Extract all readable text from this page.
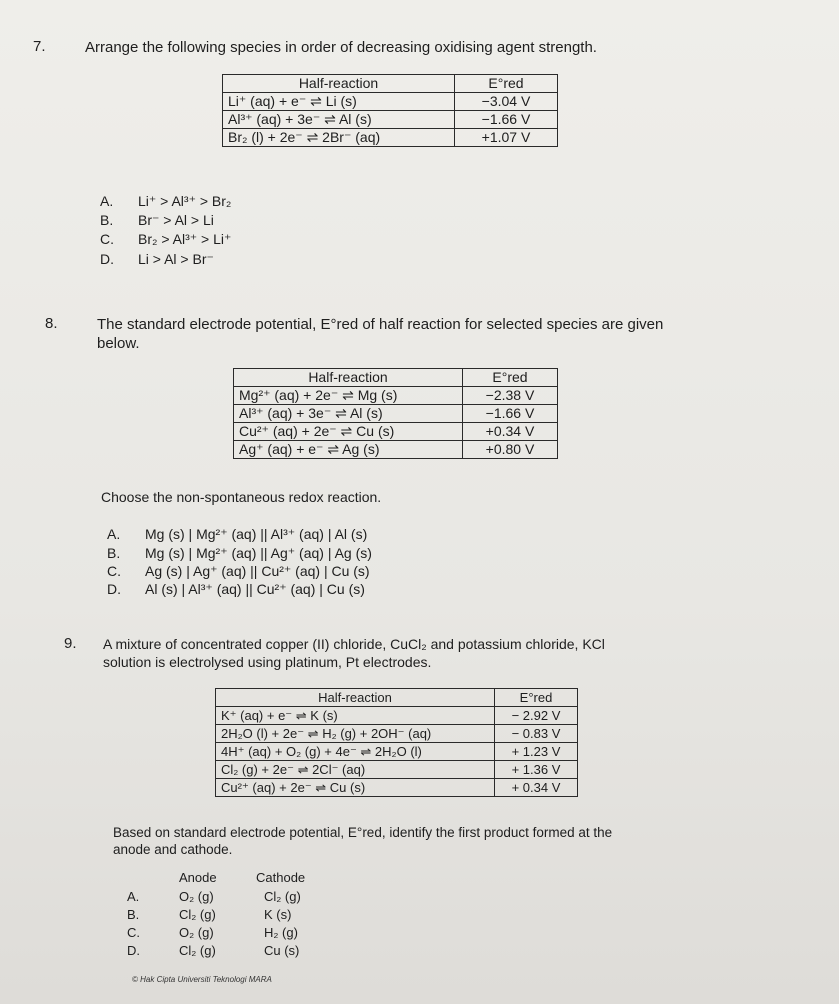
7.	Arrange the following species in order of decreasing oxidising agent strength.
Half-reaction	E°red
Li⁺ (aq) + e⁻ ⇌ Li (s)	−3.04 V
Al³⁺ (aq) + 3e⁻ ⇌ Al (s)	−1.66 V
Br₂ (l) + 2e⁻ ⇌ 2Br⁻ (aq)	+1.07 V
A. Li⁺ > Al³⁺ > Br₂
B. Br⁻ > Al > Li
C. Br₂ > Al³⁺ > Li⁺
D. Li > Al > Br⁻
8.	The standard electrode potential, E°red of half reaction for selected species are given
below.
Half-reaction	E°red
Mg²⁺ (aq) + 2e⁻ ⇌ Mg (s)	−2.38 V
Al³⁺ (aq) + 3e⁻ ⇌ Al (s)	−1.66 V
Cu²⁺ (aq) + 2e⁻ ⇌ Cu (s)	+0.34 V
Ag⁺ (aq) + e⁻ ⇌ Ag (s)	+0.80 V
Choose the non-spontaneous redox reaction.
A. Mg (s) | Mg²⁺ (aq) || Al³⁺ (aq) | Al (s)
B. Mg (s) | Mg²⁺ (aq) || Ag⁺ (aq) | Ag (s)
C. Ag (s) | Ag⁺ (aq) || Cu²⁺ (aq) | Cu (s)
D. Al (s) | Al³⁺ (aq) || Cu²⁺ (aq) | Cu (s)
9. A mixture of concentrated copper (II) chloride, CuCl₂ and potassium chloride, KCl
solution is electrolysed using platinum, Pt electrodes.
Half-reaction	E°red
K⁺ (aq) + e⁻ ⇌ K (s)	− 2.92 V
2H₂O (l) + 2e⁻ ⇌ H₂ (g) + 2OH⁻ (aq)	− 0.83 V
4H⁺ (aq) + O₂ (g) + 4e⁻ ⇌ 2H₂O (l)	+ 1.23 V
Cl₂ (g) + 2e⁻ ⇌ 2Cl⁻ (aq)	+ 1.36 V
Cu²⁺ (aq) + 2e⁻ ⇌ Cu (s)	+ 0.34 V
Based on standard electrode potential, E°red, identify the first product formed at the
anode and cathode.
Anode	Cathode
A.	O₂ (g)	Cl₂ (g)
B.	Cl₂ (g)	K (s)
C.	O₂ (g)	H₂ (g)
D.	Cl₂ (g)	Cu (s)
© Hak Cipta Universiti Teknologi MARA
